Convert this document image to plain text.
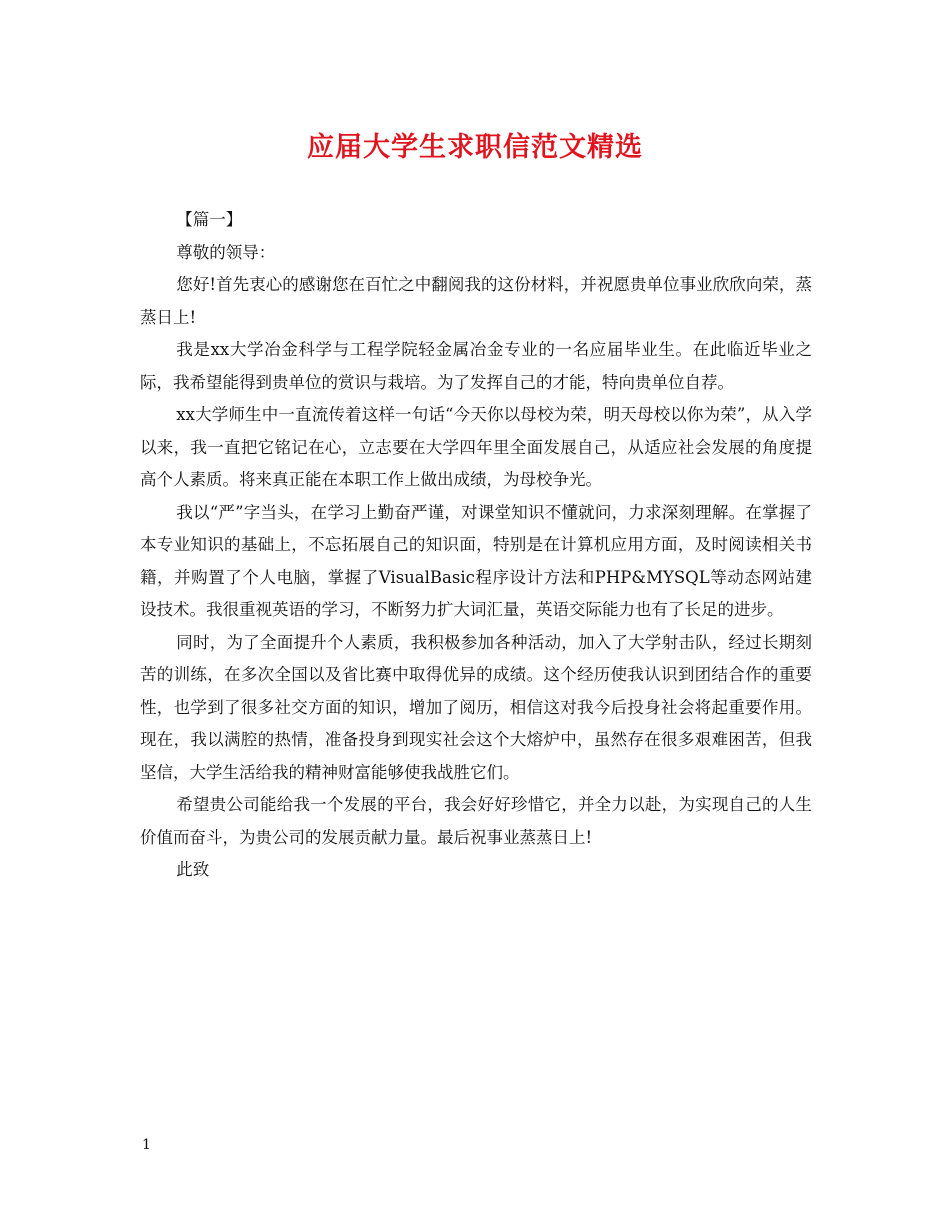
应届大学生求职信范文精选

【篇一】

尊敬的领导：

您好!首先衷心的感谢您在百忙之中翻阅我的这份材料，并祝愿贵单位事业欣欣向荣，蒸蒸日上!

我是xx大学冶金科学与工程学院轻金属冶金专业的一名应届毕业生。在此临近毕业之际，我希望能得到贵单位的赏识与栽培。为了发挥自己的才能，特向贵单位自荐。

xx大学师生中一直流传着这样一句话“今天你以母校为荣，明天母校以你为荣”，从入学以来，我一直把它铭记在心，立志要在大学四年里全面发展自己，从适应社会发展的角度提高个人素质。将来真正能在本职工作上做出成绩，为母校争光。

我以“严”字当头，在学习上勤奋严谨，对课堂知识不懂就问，力求深刻理解。在掌握了本专业知识的基础上，不忘拓展自己的知识面，特别是在计算机应用方面，及时阅读相关书籍，并购置了个人电脑，掌握了VisualBasic程序设计方法和PHP&MYSQL等动态网站建设技术。我很重视英语的学习，不断努力扩大词汇量，英语交际能力也有了长足的进步。

同时，为了全面提升个人素质，我积极参加各种活动，加入了大学射击队，经过长期刻苦的训练，在多次全国以及省比赛中取得优异的成绩。这个经历使我认识到团结合作的重要性，也学到了很多社交方面的知识，增加了阅历，相信这对我今后投身社会将起重要作用。现在，我以满腔的热情，准备投身到现实社会这个大熔炉中，虽然存在很多艰难困苦，但我坚信，大学生活给我的精神财富能够使我战胜它们。

希望贵公司能给我一个发展的平台，我会好好珍惜它，并全力以赴，为实现自己的人生价值而奋斗，为贵公司的发展贡献力量。最后祝事业蒸蒸日上!

此致

1
